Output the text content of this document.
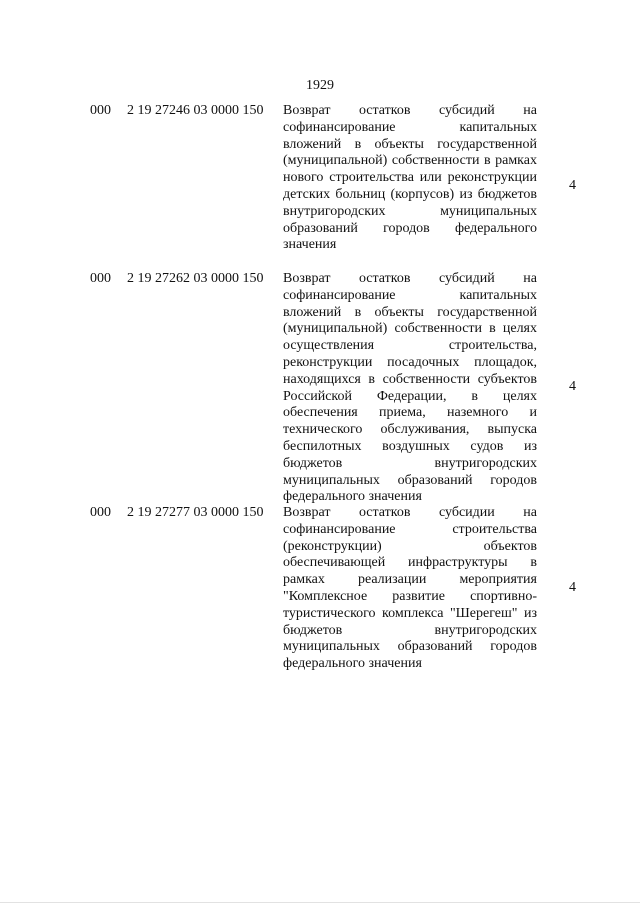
1929
000 2 19 27246 03 0000 150 Возврат остатков субсидий на софинансирование капитальных вложений в объекты государственной (муниципальной) собственности в рамках нового строительства или реконструкции детских больниц (корпусов) из бюджетов внутригородских муниципальных образований городов федерального значения
4
000 2 19 27262 03 0000 150 Возврат остатков субсидий на софинансирование капитальных вложений в объекты государственной (муниципальной) собственности в целях осуществления строительства, реконструкции посадочных площадок, находящихся в собственности субъектов Российской Федерации, в целях обеспечения приема, наземного и технического обслуживания, выпуска беспилотных воздушных судов из бюджетов внутригородских муниципальных образований городов федерального значения
4
000 2 19 27277 03 0000 150 Возврат остатков субсидии на софинансирование строительства (реконструкции) объектов обеспечивающей инфраструктуры в рамках реализации мероприятия "Комплексное развитие спортивно-туристического комплекса "Шерегеш" из бюджетов внутригородских муниципальных образований городов федерального значения
4
